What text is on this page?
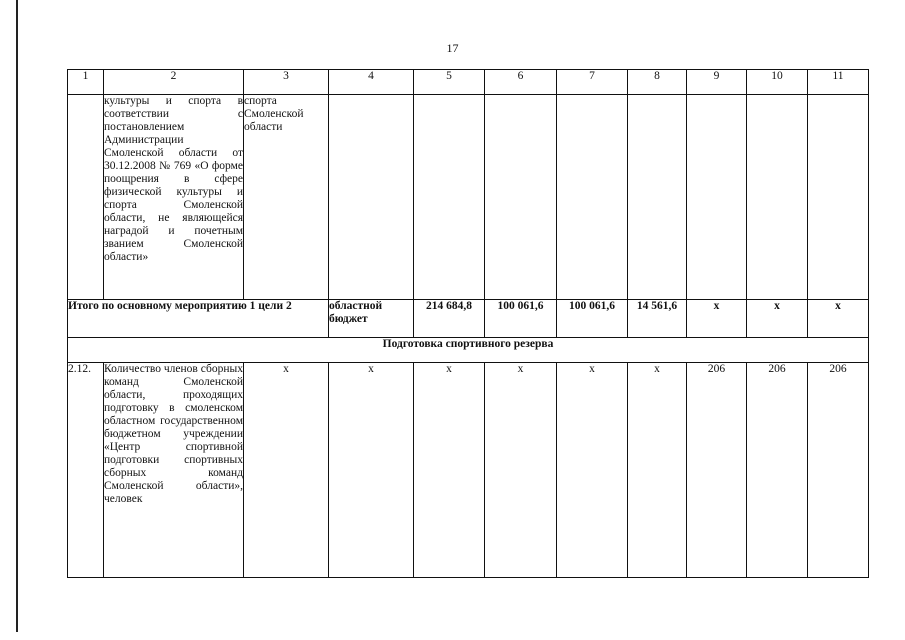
17
1	2	3	4	5	6	7	8	9	10	11
	культуры и спорта в соответствии с постановлением Администрации Смоленской области от 30.12.2008 № 769 «О форме поощрения в сфере физической культуры и спорта Смоленской области, не являющейся наградой и почетным званием Смоленской области»	спорта Смоленской области								
Итого по основному мероприятию 1 цели 2			областной бюджет	214 684,8	100 061,6	100 061,6	14 561,6	x	x	x
Подготовка спортивного резерва										
2.12.	Количество членов сборных команд Смоленской области, проходящих подготовку в смоленском областном государственном бюджетном учреждении «Центр спортивной подготовки спортивных сборных команд Смоленской области», человек	x	x	x	x	x	x	206	206	206
